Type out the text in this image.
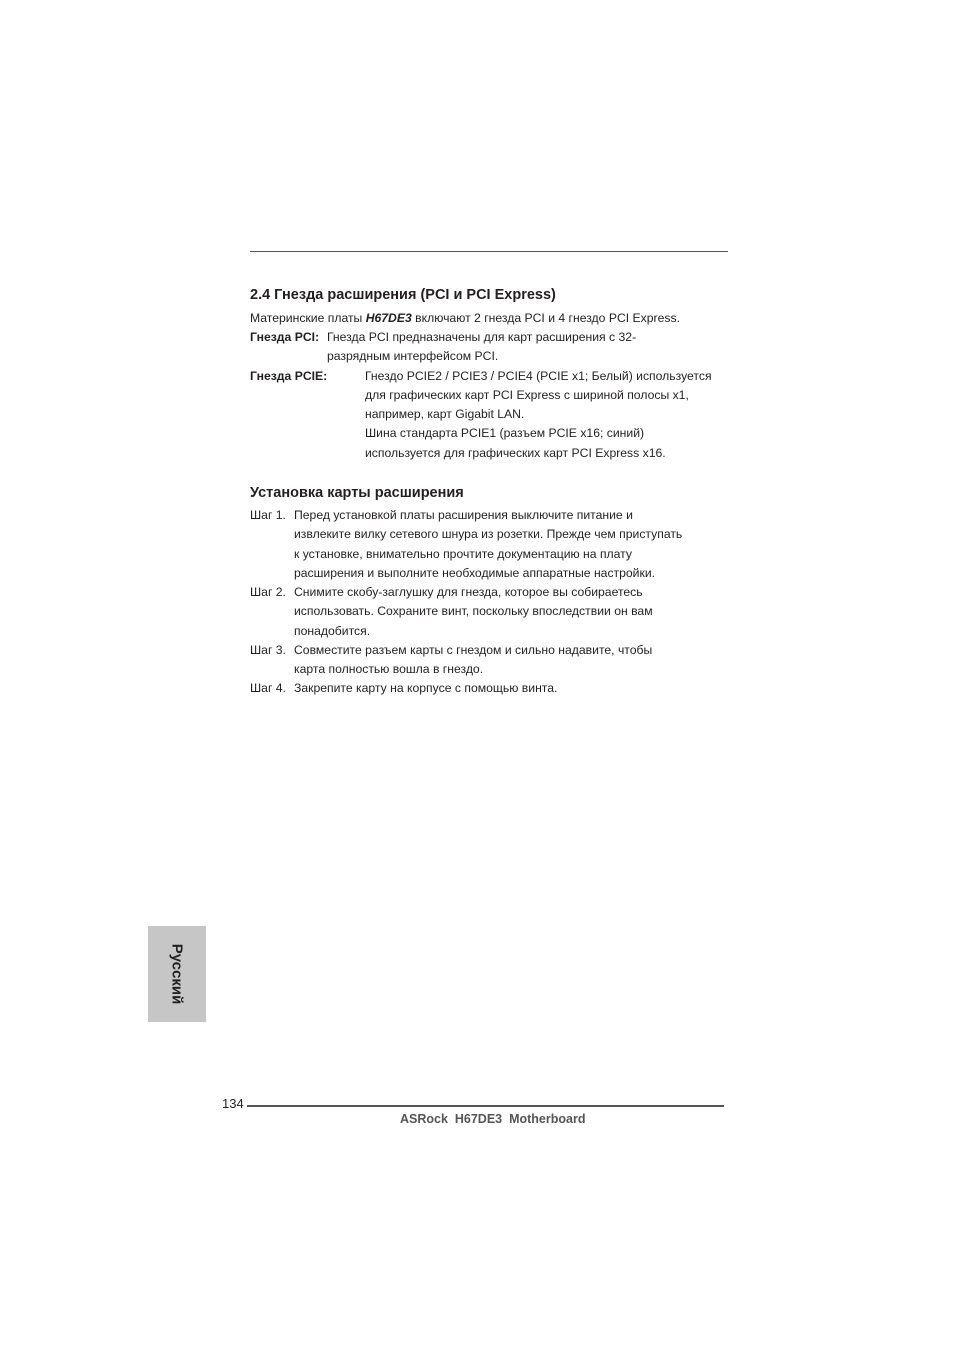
2.4 Гнезда расширения (PCI и PCI Express)
Материнские платы H67DE3 включают 2 гнезда PCI и 4 гнездо PCI Express.
Гнезда PCI: Гнезда PCI предназначены для карт расширения с 32-
разрядным интерфейсом PCI.
Гнезда PCIE:	Гнездо PCIE2 / PCIE3 / PCIE4 (PCIE x1; Белый) используется
для графических карт PCI Express с шириной полосы x1,
например, карт Gigabit LAN.
Шина стандарта PCIE1 (разъем PCIE x16; синий)
используется для графических карт PCI Express x16.
Установка карты расширения
Шаг 1. Перед установкой платы расширения выключите питание и
извлеките вилку сетевого шнура из розетки. Прежде чем приступать
к установке, внимательно прочтите документацию на плату
расширения и выполните необходимые аппаратные настройки.
Шаг 2. Снимите скобу-заглушку для гнезда, которое вы собираетесь
использовать. Сохраните винт, поскольку впоследствии он вам
понадобится.
Шаг 3. Совместите разъем карты с гнездом и сильно надавите, чтобы
карта полностью вошла в гнездо.
Шаг 4. Закрепите карту на корпусе с помощью винта.
Русский
134
ASRock  H67DE3  Motherboard
